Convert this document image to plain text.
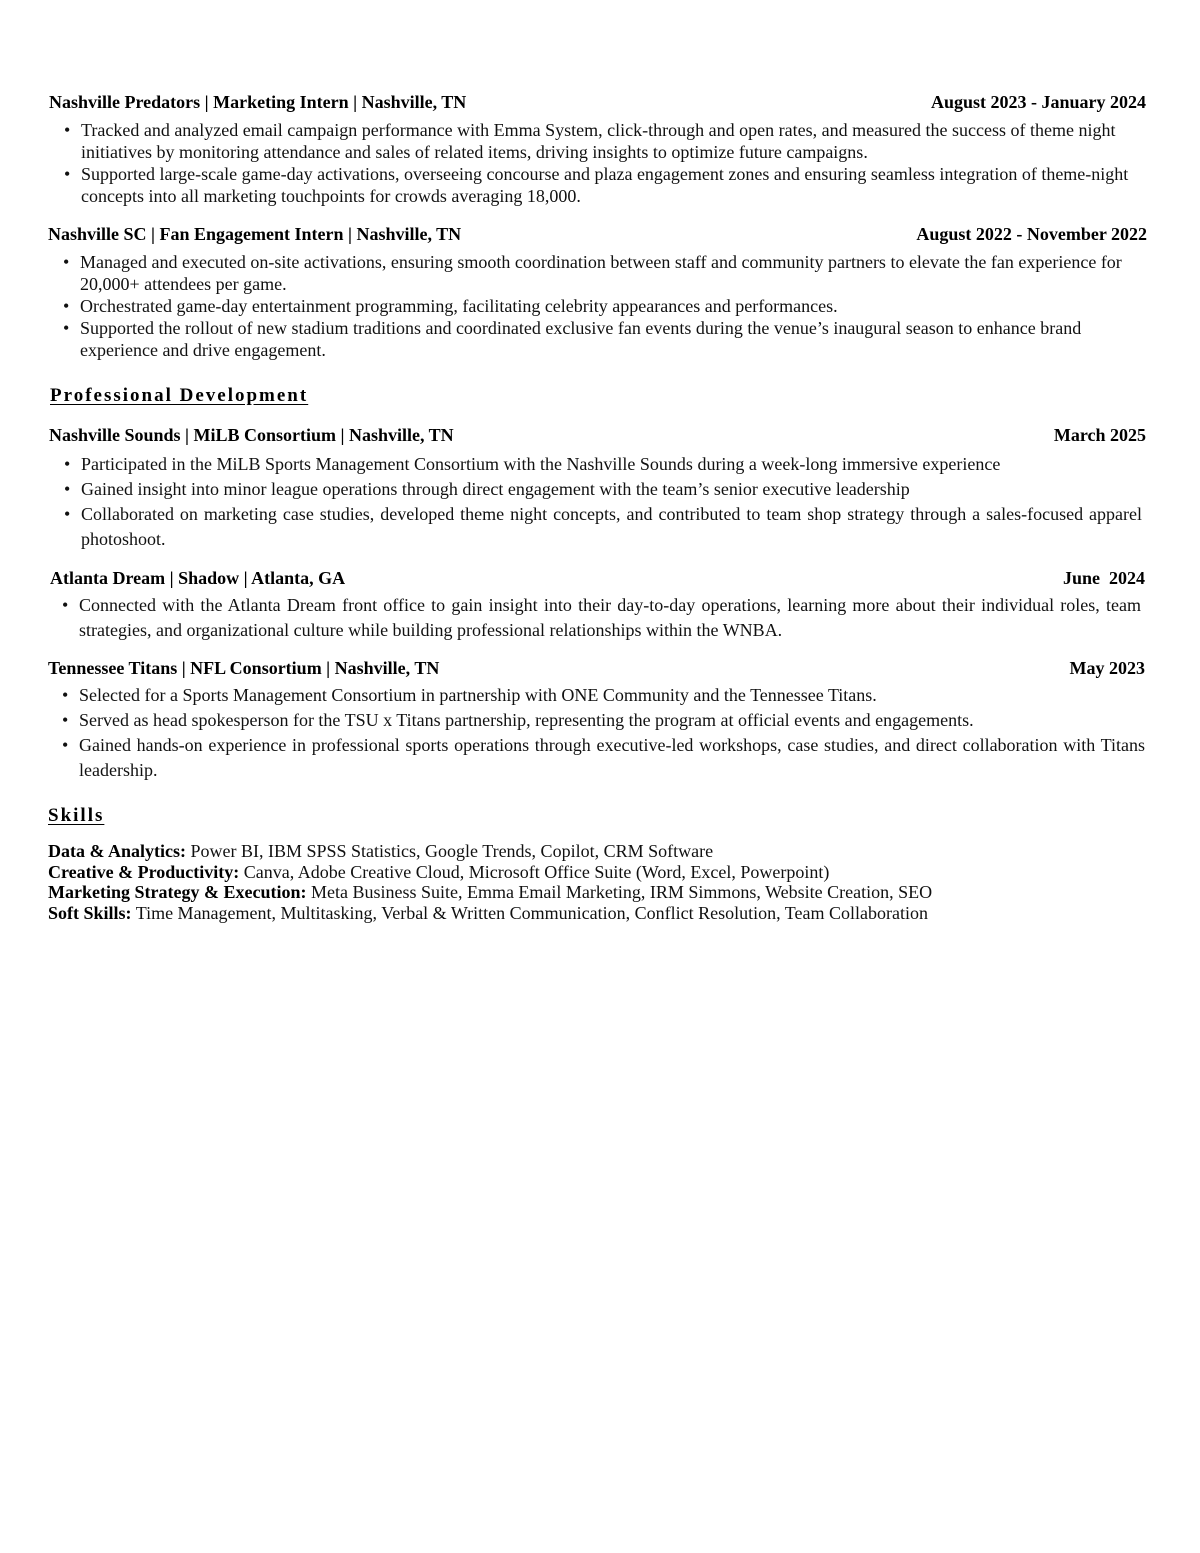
Nashville Predators | Marketing Intern | Nashville, TN	August 2023 - January 2024
• Tracked and analyzed email campaign performance with Emma System, click-through and open rates, and measured the success of theme night initiatives by monitoring attendance and sales of related items, driving insights to optimize future campaigns.
• Supported large-scale game-day activations, overseeing concourse and plaza engagement zones and ensuring seamless integration of theme-night concepts into all marketing touchpoints for crowds averaging 18,000.
Nashville SC | Fan Engagement Intern | Nashville, TN	August 2022 - November 2022
• Managed and executed on-site activations, ensuring smooth coordination between staff and community partners to elevate the fan experience for 20,000+ attendees per game.
• Orchestrated game-day entertainment programming, facilitating celebrity appearances and performances.
• Supported the rollout of new stadium traditions and coordinated exclusive fan events during the venue’s inaugural season to enhance brand experience and drive engagement.
Professional Development
Nashville Sounds | MiLB Consortium | Nashville, TN	March 2025
• Participated in the MiLB Sports Management Consortium with the Nashville Sounds during a week-long immersive experience
• Gained insight into minor league operations through direct engagement with the team’s senior executive leadership
• Collaborated on marketing case studies, developed theme night concepts, and contributed to team shop strategy through a sales-focused apparel photoshoot.
Atlanta Dream | Shadow | Atlanta, GA	June  2024
• Connected with the Atlanta Dream front office to gain insight into their day-to-day operations, learning more about their individual roles, team strategies, and organizational culture while building professional relationships within the WNBA.
Tennessee Titans | NFL Consortium | Nashville, TN	May 2023
• Selected for a Sports Management Consortium in partnership with ONE Community and the Tennessee Titans.
• Served as head spokesperson for the TSU x Titans partnership, representing the program at official events and engagements.
• Gained hands-on experience in professional sports operations through executive-led workshops, case studies, and direct collaboration with Titans leadership.
Skills
Data & Analytics: Power BI, IBM SPSS Statistics, Google Trends, Copilot, CRM Software
Creative & Productivity: Canva, Adobe Creative Cloud, Microsoft Office Suite (Word, Excel, Powerpoint)
Marketing Strategy & Execution: Meta Business Suite, Emma Email Marketing, IRM Simmons, Website Creation, SEO
Soft Skills: Time Management, Multitasking, Verbal & Written Communication, Conflict Resolution, Team Collaboration
